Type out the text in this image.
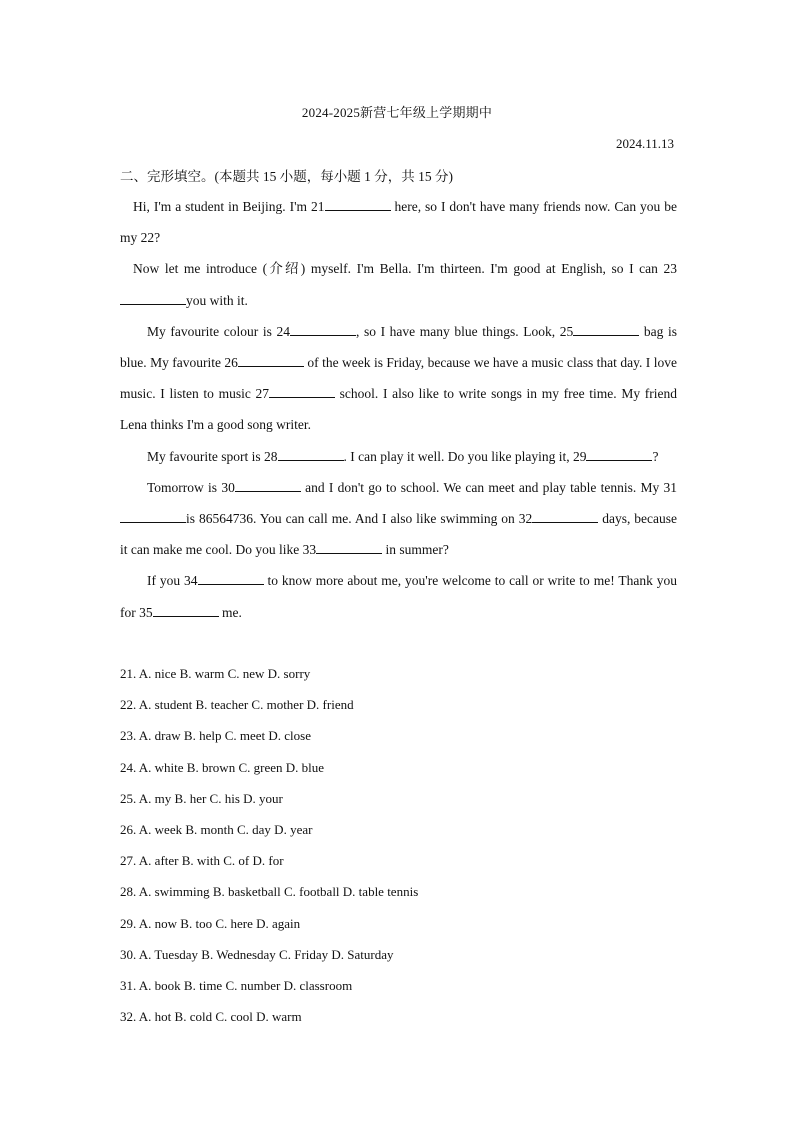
2024-2025新营七年级上学期期中
2024.11.13
二、完形填空。(本题共 15 小题，每小题 1 分，共 15 分)

Hi, I'm a student in Beijing. I'm 21	here, so I don't have many friends now. Can you be my 22?

Now let me introduce (介绍) myself. I'm Bella. I'm thirteen. I'm good at English, so I can 23you with it.

My favourite colour is 24	, so I have many blue things. Look, 25	bag is blue. My favourite 26	of the week is Friday, because we have a music class that day. I love music. I listen to music 27	school. I also like to write songs in my free time. My friend Lena thinks I'm a good song writer.

My favourite sport is 28	. I can play it well. Do you like playing it, 29	?

Tomorrow is 30	and I don't go to school. We can meet and play table tennis. My 31is 86564736. You can call me. And I also like swimming on 32	days, because it can make me cool. Do you like 33	in summer?

If you 34	to know more about me, you're welcome to call or write to me! Thank you for 35	me.

21. A. nice B. warm C. new D. sorry
22. A. student B. teacher C. mother D. friend
23. A. draw B. help C. meet D. close
24. A. white B. brown C. green D. blue
25. A. my B. her C. his D. your
26. A. week B. month C. day D. year
27. A. after B. with C. of D. for
28. A. swimming B. basketball C. football D. table tennis
29. A. now B. too C. here D. again
30. A. Tuesday B. Wednesday C. Friday D. Saturday
31. A. book B. time C. number D. classroom
32. A. hot B. cold C. cool D. warm
